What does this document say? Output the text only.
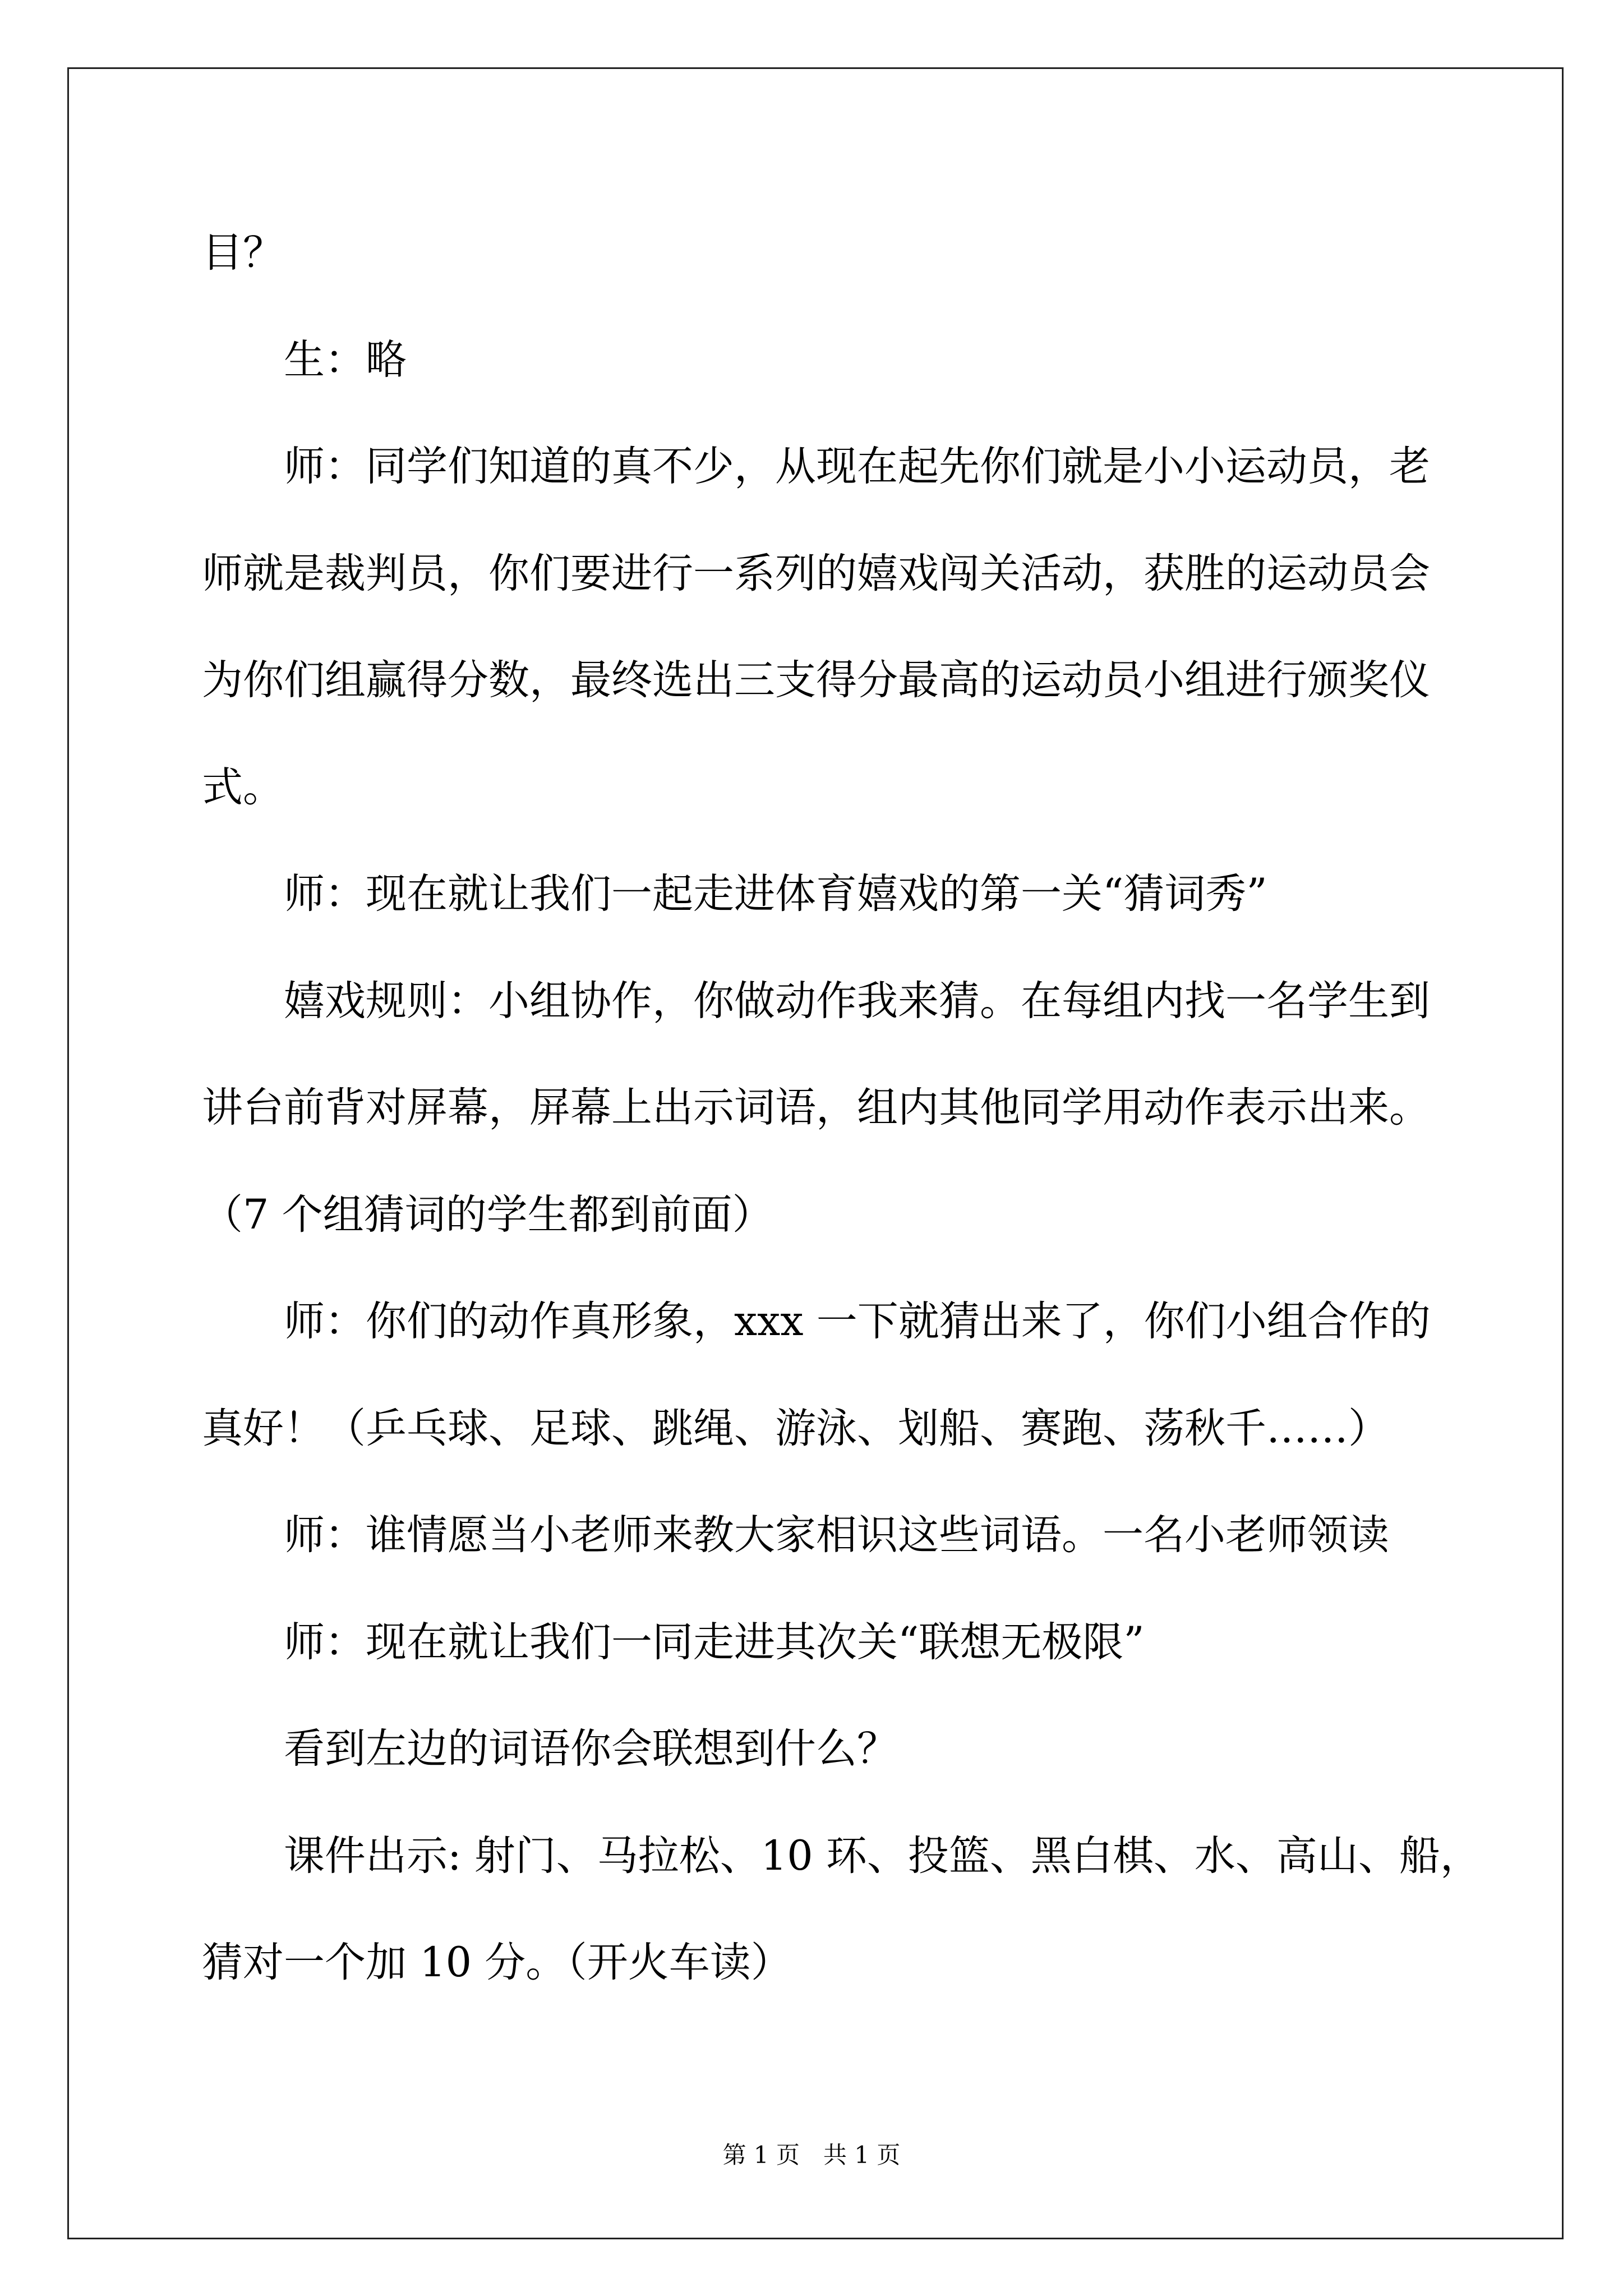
目？
生：略
师：同学们知道的真不少，从现在起先你们就是小小运动员，老
师就是裁判员，你们要进行一系列的嬉戏闯关活动，获胜的运动员会
为你们组赢得分数，最终选出三支得分最高的运动员小组进行颁奖仪
式。
师：现在就让我们一起走进体育嬉戏的第一关“猜词秀”
嬉戏规则：小组协作，你做动作我来猜。在每组内找一名学生到
讲台前背对屏幕，屏幕上出示词语，组内其他同学用动作表示出来。
（7 个组猜词的学生都到前面）
师：你们的动作真形象，xxx 一下就猜出来了，你们小组合作的
真好！（乒乓球、足球、跳绳、游泳、划船、赛跑、荡秋千……）
师：谁情愿当小老师来教大家相识这些词语。一名小老师领读
师：现在就让我们一同走进其次关“联想无极限”
看到左边的词语你会联想到什么？
课件出示: 射门、马拉松、10 环、投篮、黑白棋、水、高山、船，
猜对一个加 10 分。（开火车读）
第 1 页　共 1 页
